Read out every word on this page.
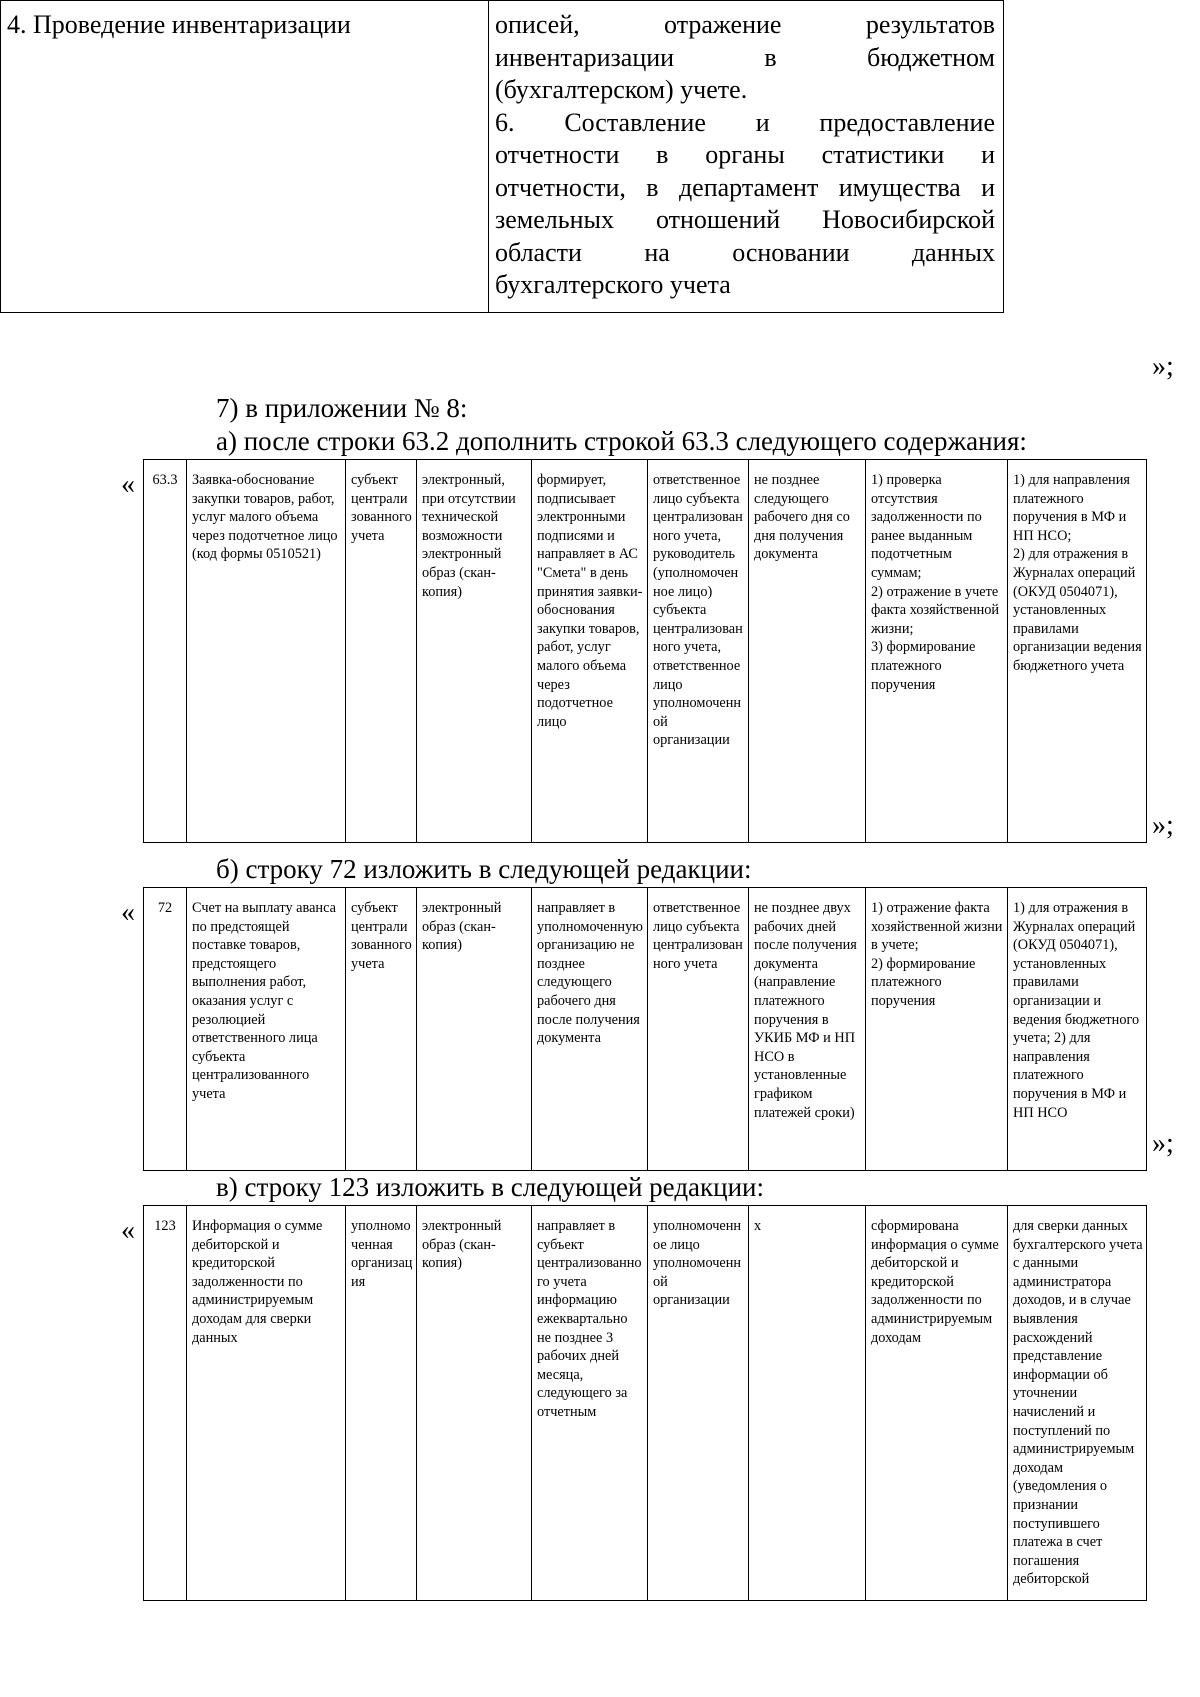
4. Проведение инвентаризации	описей, отражение результатов
инвентаризации в бюджетном
(бухгалтерском) учете.
6. Составление и предоставление
отчетности в органы статистики и
отчетности, в департамент имущества и
земельных отношений Новосибирской
области на основании данных
бухгалтерского учета
»;
7) в приложении № 8:
а) после строки 63.2 дополнить строкой 63.3 следующего содержания:
« 63.3	Заявка-обоснование закупки товаров, работ, услуг малого объема через подотчетное лицо (код формы 0510521)	субъект централизованного учета	электронный, при отсутствии технической возможности электронный образ (скан-копия)	формирует, подписывает электронными подписями и направляет в АС "Смета" в день принятия заявки-обоснования закупки товаров, работ, услуг малого объема через подотчетное лицо	ответственное лицо субъекта централизованного учета, руководитель (уполномоченное лицо) субъекта централизованного учета, ответственное лицо уполномоченной организации	не позднее следующего рабочего дня со дня получения документа	1) проверка отсутствия задолженности по ранее выданным подотчетным суммам;
2) отражение в учете факта хозяйственной жизни;
3) формирование платежного поручения	1) для направления платежного поручения в МФ и НП НСО;
2) для отражения в Журналах операций (ОКУД 0504071), установленных правилами организации ведения бюджетного учета
»;
б) строку 72 изложить в следующей редакции:
« 72	Счет на выплату аванса по предстоящей поставке товаров, предстоящего выполнения работ, оказания услуг с резолюцией ответственного лица субъекта централизованного учета	субъект централизованного учета	электронный образ (скан-копия)	направляет в уполномоченную организацию не позднее следующего рабочего дня после получения документа	ответственное лицо субъекта централизованного учета	не позднее двух рабочих дней после получения документа (направление платежного поручения в УКИБ МФ и НП НСО в установленные графиком платежей сроки)	1) отражение факта хозяйственной жизни в учете;
2) формирование платежного поручения	1) для отражения в Журналах операций (ОКУД 0504071), установленных правилами организации и ведения бюджетного учета; 2) для направления платежного поручения в МФ и НП НСО
»;
в) строку 123 изложить в следующей редакции:
« 123	Информация о сумме дебиторской и кредиторской задолженности по администрируемым доходам для сверки данных	уполномоченная организация	электронный образ (скан-копия)	направляет в субъект централизованного учета информацию ежеквартально не позднее 3 рабочих дней месяца, следующего за отчетным	уполномоченное лицо уполномоченной организации	х	сформирована информация о сумме дебиторской и кредиторской задолженности по администрируемым доходам	для сверки данных бухгалтерского учета с данными администратора доходов, и в случае выявления расхождений представление информации об уточнении начислений и поступлений по администрируемым доходам (уведомления о признании поступившего платежа в счет погашения дебиторской
